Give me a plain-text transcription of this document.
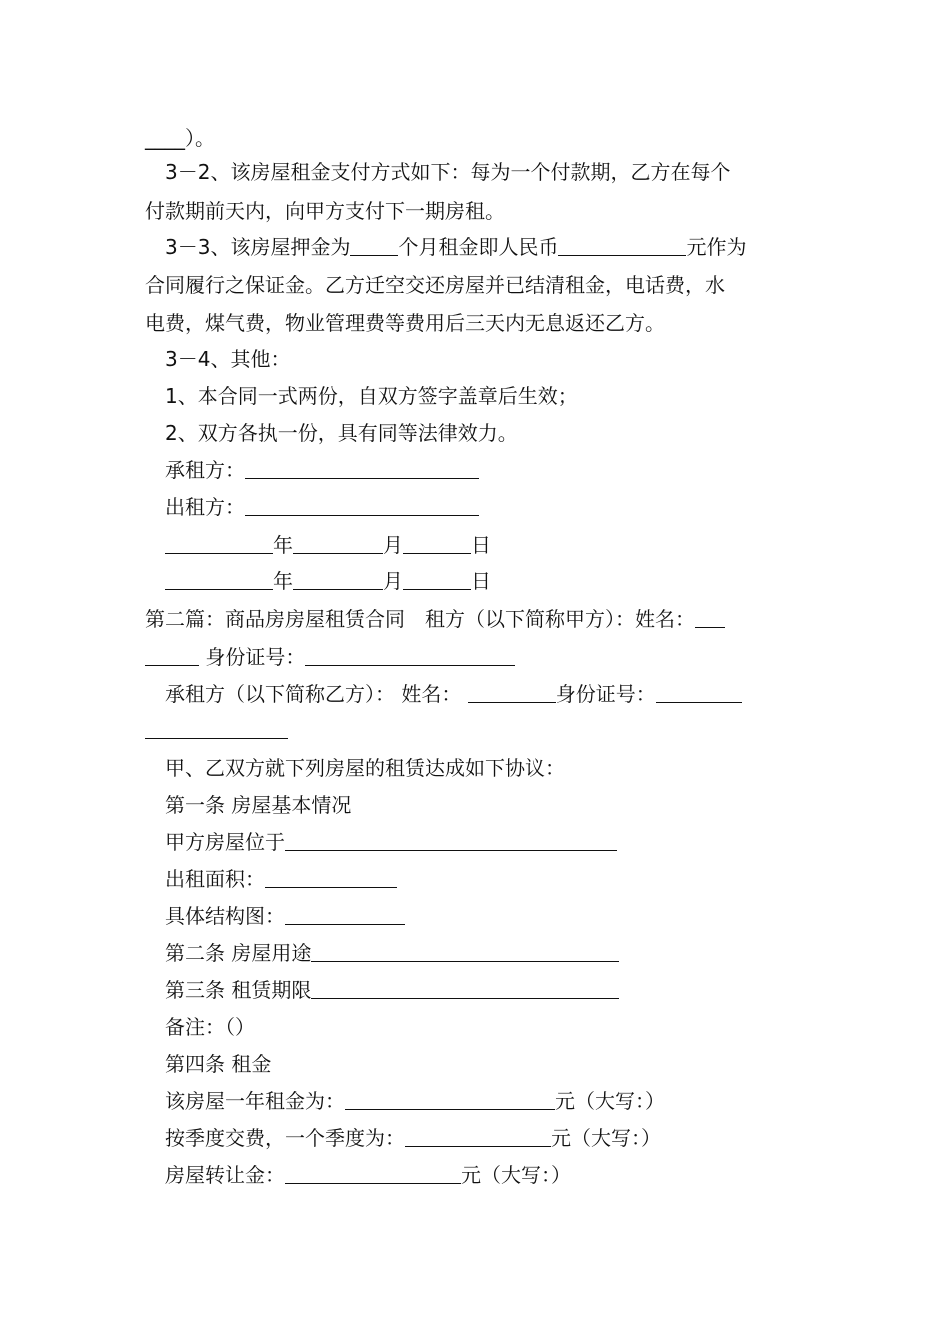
____）。
3－2、该房屋租金支付方式如下：每为一个付款期，乙方在每个
付款期前天内，向甲方支付下一期房租。
3－3、该房屋押金为 个月租金即人民币	元作为
合同履行之保证金。乙方迁空交还房屋并已结清租金，电话费，水
电费，煤气费，物业管理费等费用后三天内无息返还乙方。
3－4、其他：
1、本合同一式两份，自双方签字盖章后生效；
2、双方各执一份，具有同等法律效力。
承租方：
出租方：
年	月	日
年	月	日
第二篇：商品房房屋租赁合同　租方（以下简称甲方）：姓名：
身份证号：
承租方（以下简称乙方）： 姓名：	身份证号：
甲、乙双方就下列房屋的租赁达成如下协议：
第一条 房屋基本情况
甲方房屋位于
出租面积：
具体结构图：
第二条 房屋用途
第三条 租赁期限
备注：（）
第四条 租金
该房屋一年租金为：	元（大写：）
按季度交费，一个季度为：	元（大写：）
房屋转让金：	元（大写：）
